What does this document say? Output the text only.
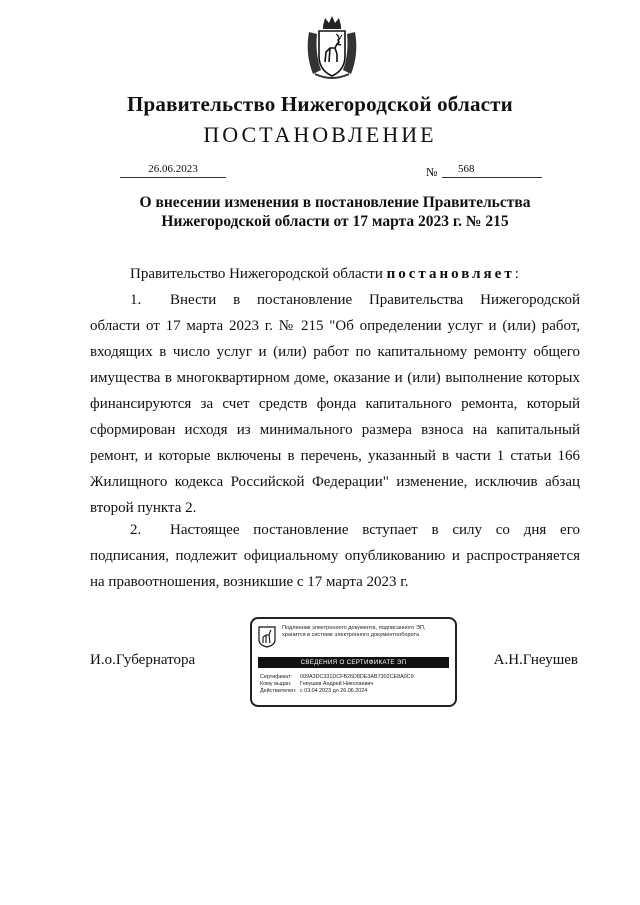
Правительство Нижегородской области
ПОСТАНОВЛЕНИЕ
26.06.2023	№	568
О внесении изменения в постановление Правительства
Нижегородской области от 17 марта 2023 г. № 215
Правительство Нижегородской области постановляет:
1. Внести в постановление Правительства Нижегородской области от 17 марта 2023 г. № 215 "Об определении услуг и (или) работ, входящих в число услуг и (или) работ по капитальному ремонту общего имущества в многоквартирном доме, оказание и (или) выполнение которых финансируются за счет средств фонда капитального ремонта, который сформирован исходя из минимального размера взноса на капитальный ремонт, и которые включены в перечень, указанный в части 1 статьи 166 Жилищного кодекса Российской Федерации" изменение, исключив абзац второй пункта 2.
2. Настоящее постановление вступает в силу со дня его подписания, подлежит официальному опубликованию и распространяется на правоотношения, возникшие с 17 марта 2023 г.
И.о.Губернатора	А.Н.Гнеушев
Подлинник электронного документа, подписанного ЭП,
хранится в системе электронного документооборота
СВЕДЕНИЯ О СЕРТИФИКАТЕ ЭП
Сертификат: 009A3DC331DCFB26D8DE3AB7302CE8A0C9
Кому выдан: Гнеушев Андрей Николаевич
Действителен: с 03.04.2023 до 26.06.2024
